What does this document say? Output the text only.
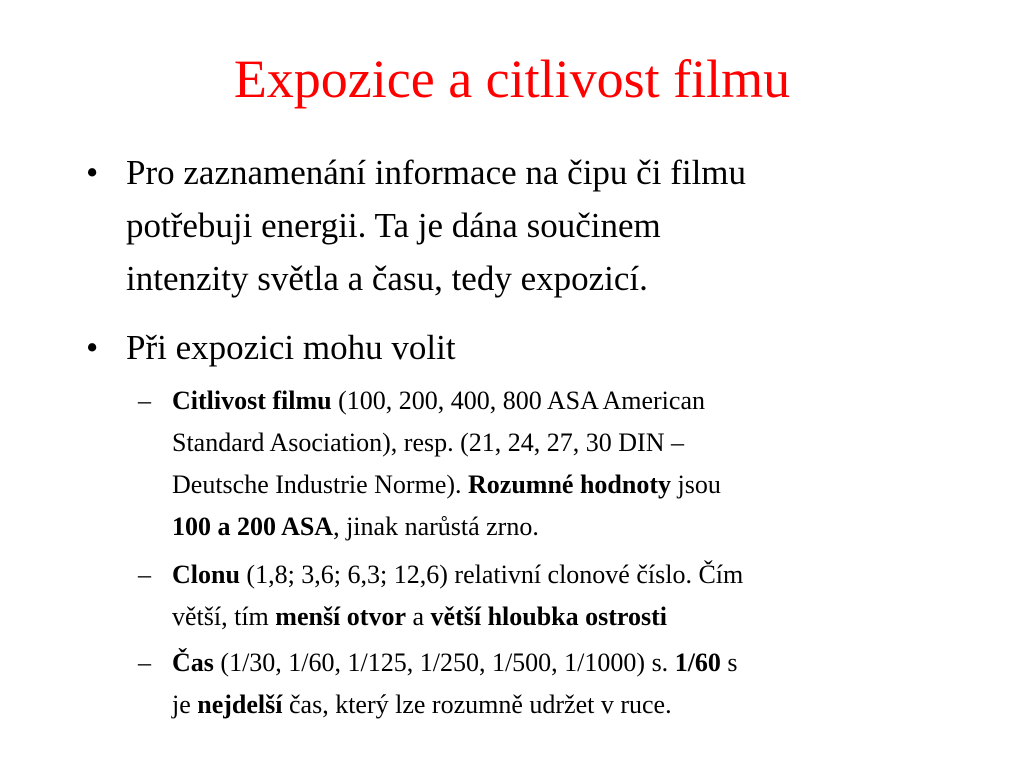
Expozice a citlivost filmu
• Pro zaznamenání informace na čipu či filmu
potřebuji energii. Ta je dána součinem
intenzity světla a času, tedy expozicí.
• Při expozici mohu volit
– Citlivost filmu (100, 200, 400, 800 ASA American
Standard Asociation), resp. (21, 24, 27, 30 DIN –
Deutsche Industrie Norme). Rozumné hodnoty jsou
100 a 200 ASA, jinak narůstá zrno.
– Clonu (1,8; 3,6; 6,3; 12,6) relativní clonové číslo. Čím
větší, tím menší otvor a větší hloubka ostrosti
– Čas (1/30, 1/60, 1/125, 1/250, 1/500, 1/1000) s. 1/60 s
je nejdelší čas, který lze rozumně udržet v ruce.
